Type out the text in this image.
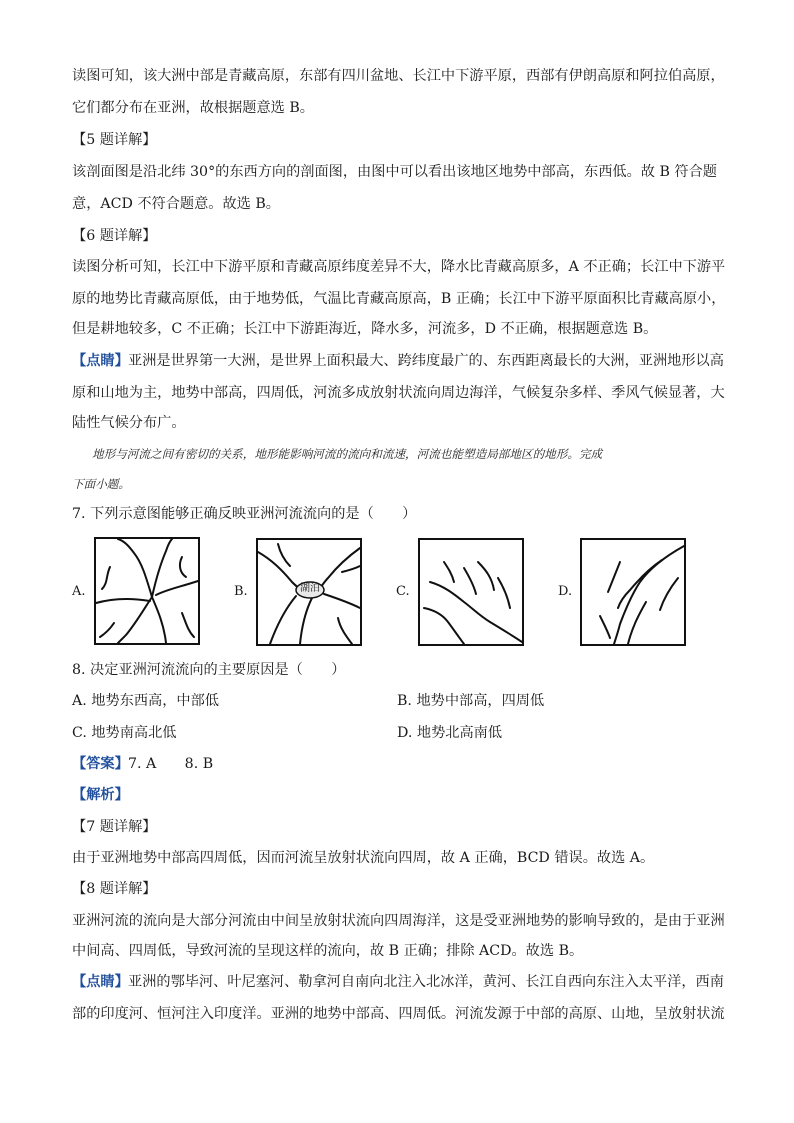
读图可知，该大洲中部是青藏高原，东部有四川盆地、长江中下游平原，西部有伊朗高原和阿拉伯高原，
它们都分布在亚洲，故根据题意选 B。
【5 题详解】
该剖面图是沿北纬 30°的东西方向的剖面图，由图中可以看出该地区地势中部高，东西低。故 B 符合题
意，ACD 不符合题意。故选 B。
【6 题详解】
读图分析可知，长江中下游平原和青藏高原纬度差异不大，降水比青藏高原多，A 不正确；长江中下游平
原的地势比青藏高原低，由于地势低，气温比青藏高原高，B 正确；长江中下游平原面积比青藏高原小，
但是耕地较多，C 不正确；长江中下游距海近，降水多，河流多，D 不正确，根据题意选 B。
【点睛】 亚洲是世界第一大洲，是世界上面积最大、跨纬度最广的、东西距离最长的大洲，亚洲地形以高
原和山地为主，地势中部高，四周低，河流多成放射状流向周边海洋，气候复杂多样、季风气候显著，大
陆性气候分布广。
地形与河流之间有密切的关系，地形能影响河流的流向和流速，河流也能塑造局部地区的地形。完成
下面小题。
7. 下列示意图能够正确反映亚洲河流流向的是（　　）
A.	B.	湖泊	C.	D.
8. 决定亚洲河流流向的主要原因是（　　）
A. 地势东西高，中部低	B. 地势中部高，四周低
C. 地势南高北低	D. 地势北高南低
【答案】 7. A　　8. B
【解析】
【7 题详解】
由于亚洲地势中部高四周低，因而河流呈放射状流向四周，故 A 正确，BCD 错误。故选 A。
【8 题详解】
亚洲河流的流向是大部分河流由中间呈放射状流向四周海洋，这是受亚洲地势的影响导致的，是由于亚洲
中间高、四周低，导致河流的呈现这样的流向，故 B 正确；排除 ACD。故选 B。
【点睛】 亚洲的鄂毕河、叶尼塞河、勒拿河自南向北注入北冰洋，黄河、长江自西向东注入太平洋，西南
部的印度河、恒河注入印度洋。亚洲的地势中部高、四周低。河流发源于中部的高原、山地，呈放射状流
